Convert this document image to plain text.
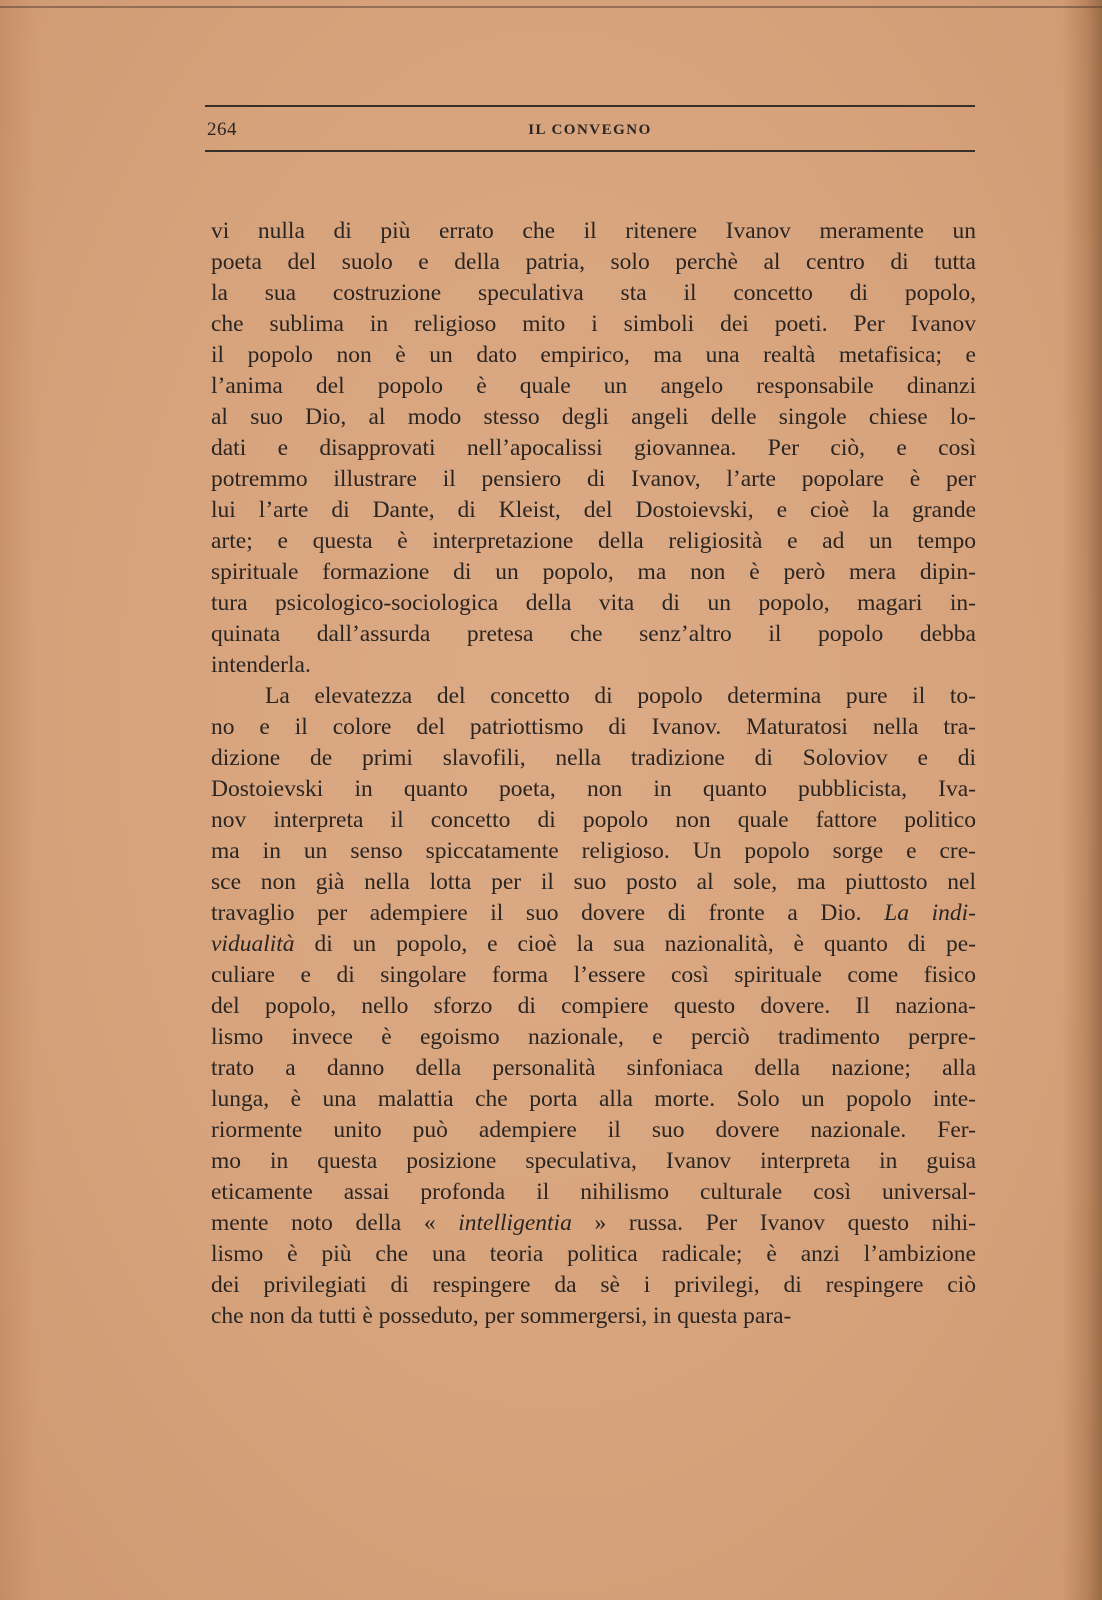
264	IL CONVEGNO
vi nulla di più errato che il ritenere Ivanov meramente un
poeta del suolo e della patria, solo perchè al centro di tutta
la sua costruzione speculativa sta il concetto di popolo,
che sublima in religioso mito i simboli dei poeti. Per Ivanov
il popolo non è un dato empirico, ma una realtà metafisica; e
l’anima del popolo è quale un angelo responsabile dinanzi
al suo Dio, al modo stesso degli angeli delle singole chiese lo-
dati e disapprovati nell’apocalissi giovannea. Per ciò, e così
potremmo illustrare il pensiero di Ivanov, l’arte popolare è per
lui l’arte di Dante, di Kleist, del Dostoievski, e cioè la grande
arte; e questa è interpretazione della religiosità e ad un tempo
spirituale formazione di un popolo, ma non è però mera dipin-
tura psicologico-sociologica della vita di un popolo, magari in-
quinata dall’assurda pretesa che senz’altro il popolo debba
intenderla.
La elevatezza del concetto di popolo determina pure il to-
no e il colore del patriottismo di Ivanov. Maturatosi nella tra-
dizione de primi slavofili, nella tradizione di Soloviov e di
Dostoievski in quanto poeta, non in quanto pubblicista, Iva-
nov interpreta il concetto di popolo non quale fattore politico
ma in un senso spiccatamente religioso. Un popolo sorge e cre-
sce non già nella lotta per il suo posto al sole, ma piuttosto nel
travaglio per adempiere il suo dovere di fronte a Dio. La indi-
vidualità di un popolo, e cioè la sua nazionalità, è quanto di pe-
culiare e di singolare forma l’essere così spirituale come fisico
del popolo, nello sforzo di compiere questo dovere. Il naziona-
lismo invece è egoismo nazionale, e perciò tradimento perpre-
trato a danno della personalità sinfoniaca della nazione; alla
lunga, è una malattia che porta alla morte. Solo un popolo inte-
riormente unito può adempiere il suo dovere nazionale. Fer-
mo in questa posizione speculativa, Ivanov interpreta in guisa
eticamente assai profonda il nihilismo culturale così universal-
mente noto della « intelligentia » russa. Per Ivanov questo nihi-
lismo è più che una teoria politica radicale; è anzi l’ambizione
dei privilegiati di respingere da sè i privilegi, di respingere ciò
che non da tutti è posseduto, per sommergersi, in questa para-
